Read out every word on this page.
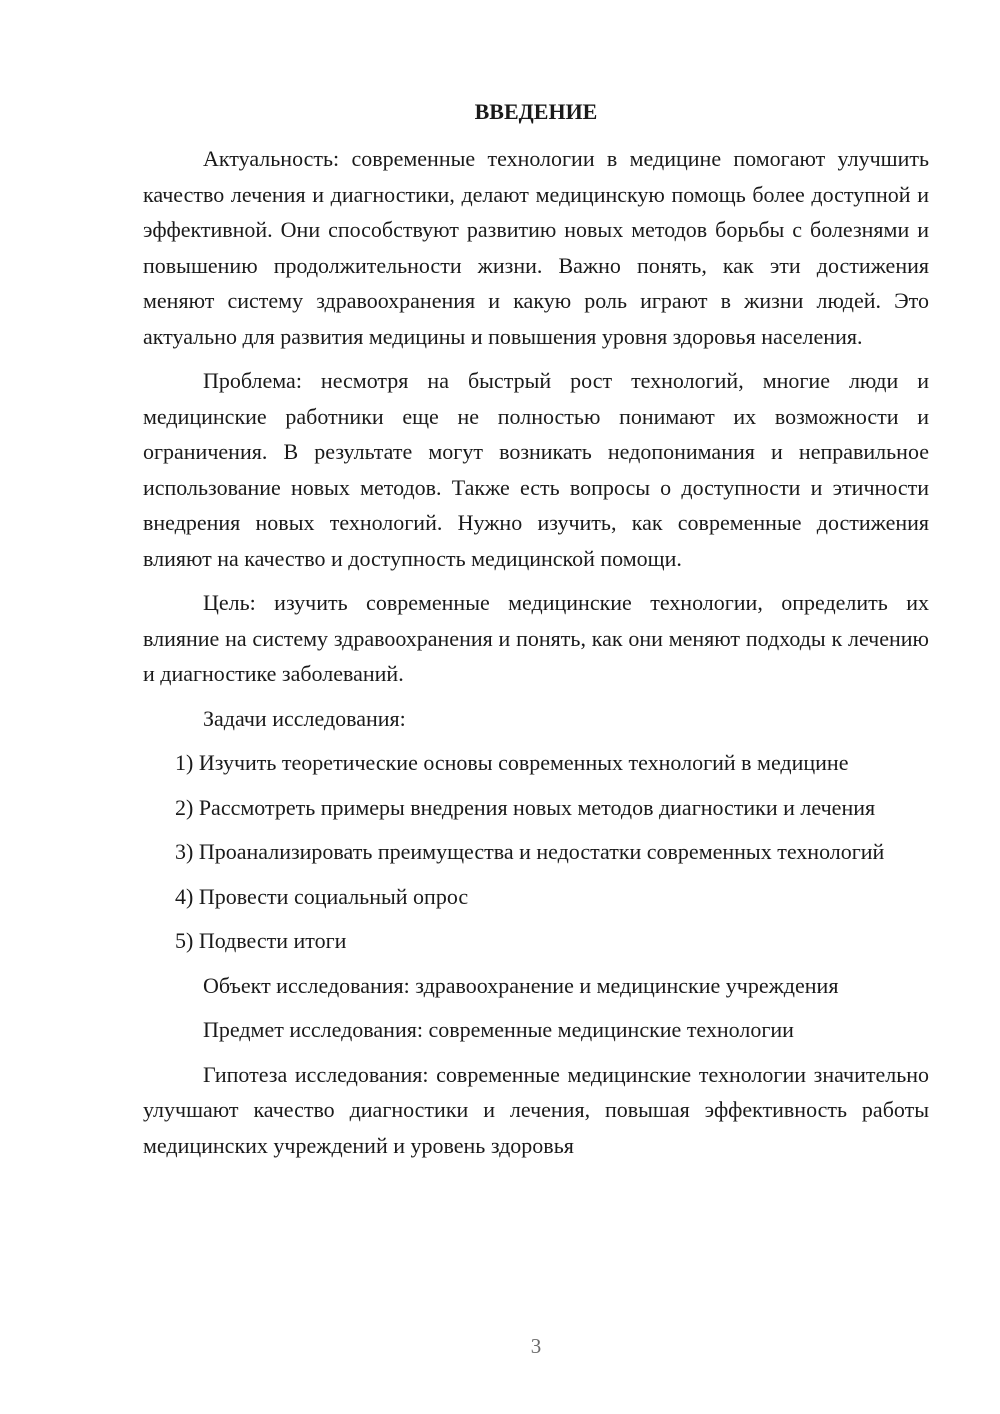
ВВЕДЕНИЕ

Актуальность: современные технологии в медицине помогают улучшить качество лечения и диагностики, делают медицинскую помощь более доступной и эффективной. Они способствуют развитию новых методов борьбы с болезнями и повышению продолжительности жизни. Важно понять, как эти достижения меняют систему здравоохранения и какую роль играют в жизни людей. Это актуально для развития медицины и повышения уровня здоровья населения.

Проблема: несмотря на быстрый рост технологий, многие люди и медицинские работники еще не полностью понимают их возможности и ограничения. В результате могут возникать недопонимания и неправильное использование новых методов. Также есть вопросы о доступности и этичности внедрения новых технологий. Нужно изучить, как современные достижения влияют на качество и доступность медицинской помощи.

Цель: изучить современные медицинские технологии, определить их влияние на систему здравоохранения и понять, как они меняют подходы к лечению и диагностике заболеваний.

Задачи исследования:

1) Изучить теоретические основы современных технологий в медицине

2) Рассмотреть примеры внедрения новых методов диагностики и лечения

3) Проанализировать преимущества и недостатки современных технологий

4) Провести социальный опрос

5) Подвести итоги

Объект исследования: здравоохранение и медицинские учреждения

Предмет исследования: современные медицинские технологии

Гипотеза исследования: современные медицинские технологии значительно улучшают качество диагностики и лечения, повышая эффективность работы медицинских учреждений и уровень здоровья

3
